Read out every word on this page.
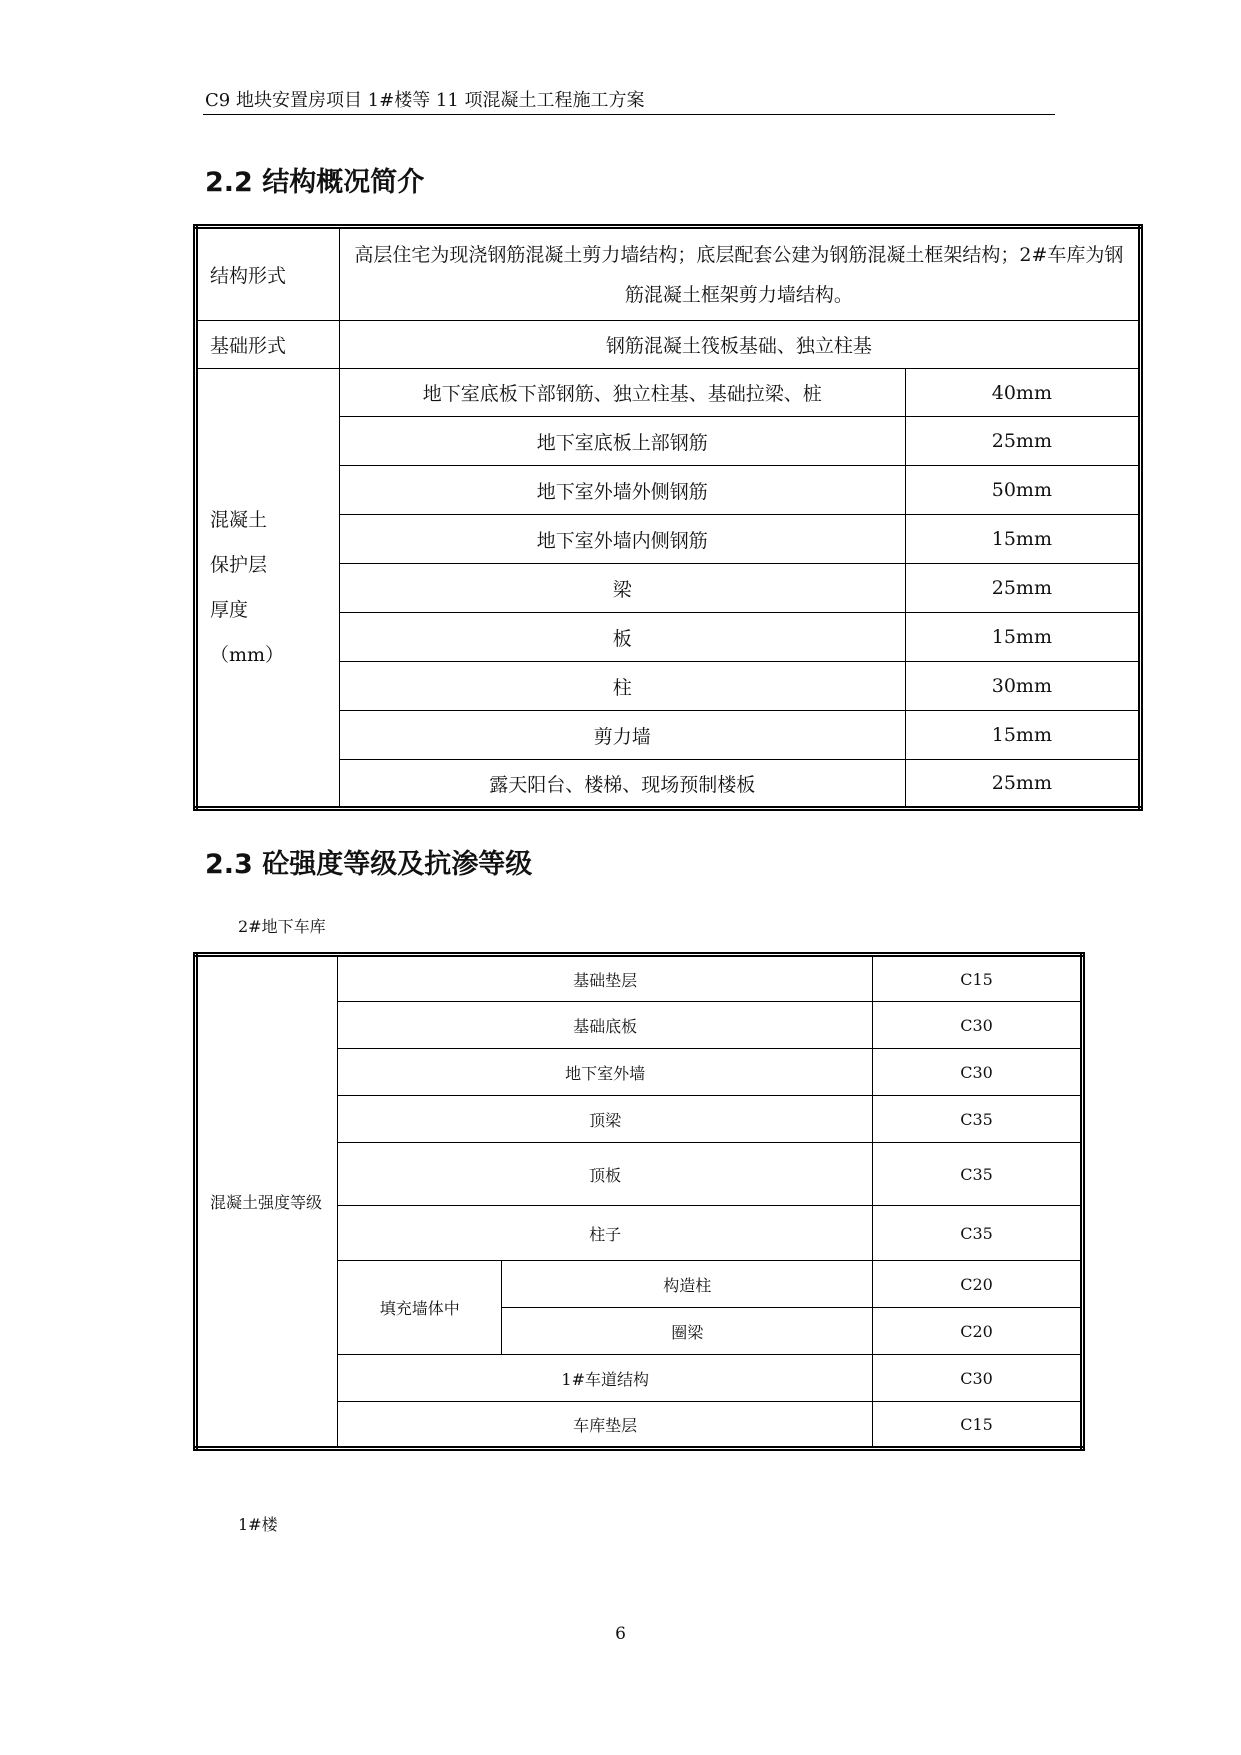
C9 地块安置房项目 1#楼等 11 项混凝土工程施工方案
2.2 结构概况简介
结构形式	高层住宅为现浇钢筋混凝土剪力墙结构；底层配套公建为钢筋混凝土框架结构；2#车库为钢筋混凝土框架剪力墙结构。	
基础形式	钢筋混凝土筏板基础、独立柱基	

混凝土
保护层
厚度
（mm）	地下室底板下部钢筋、独立柱基、基础拉梁、桩	40mm
	地下室底板上部钢筋	25mm
	地下室外墙外侧钢筋	50mm
	地下室外墙内侧钢筋	15mm
	梁	25mm
	板	15mm
	柱	30mm
	剪力墙	15mm
	露天阳台、楼梯、现场预制楼板	25mm
2.3 砼强度等级及抗渗等级
2#地下车库
混凝土强度等级	基础垫层		C15
	基础底板		C30
	地下室外墙		C30
	顶梁		C35
	顶板		C35
	柱子		C35
	填充墙体中	构造柱	C20
		圈梁	C20
	1#车道结构		C30
	车库垫层		C15
1#楼
6
